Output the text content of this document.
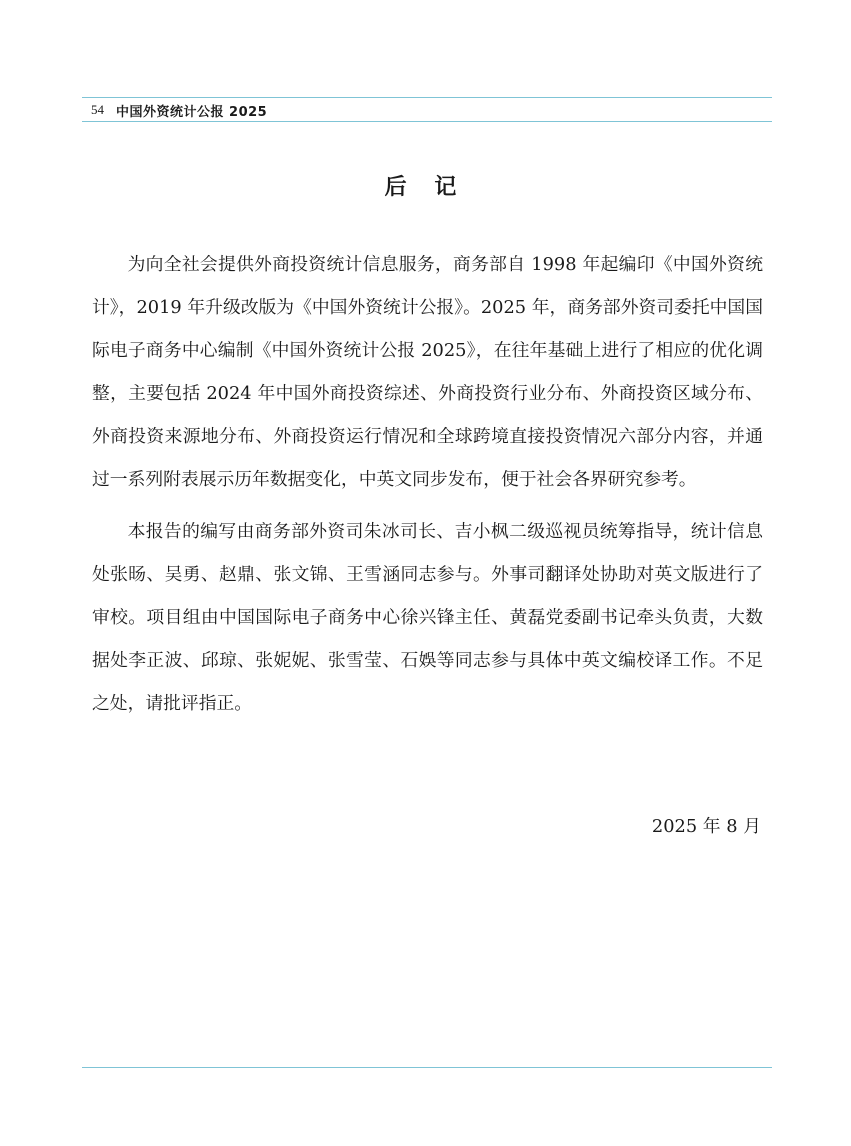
54 中国外资统计公报 2025
后 记

为向全社会提供外商投资统计信息服务，商务部自 1998 年起编印《中国外资统计》，2019 年升级改版为《中国外资统计公报》。2025 年，商务部外资司委托中国国际电子商务中心编制《中国外资统计公报 2025》，在往年基础上进行了相应的优化调整，主要包括 2024 年中国外商投资综述、外商投资行业分布、外商投资区域分布、外商投资来源地分布、外商投资运行情况和全球跨境直接投资情况六部分内容，并通过一系列附表展示历年数据变化，中英文同步发布，便于社会各界研究参考。

本报告的编写由商务部外资司朱冰司长、吉小枫二级巡视员统筹指导，统计信息处张旸、吴勇、赵鼎、张文锦、王雪涵同志参与。外事司翻译处协助对英文版进行了审校。项目组由中国国际电子商务中心徐兴锋主任、黄磊党委副书记牵头负责，大数据处李正波、邱琼、张妮妮、张雪莹、石娛等同志参与具体中英文编校译工作。不足之处，请批评指正。

2025 年 8 月
